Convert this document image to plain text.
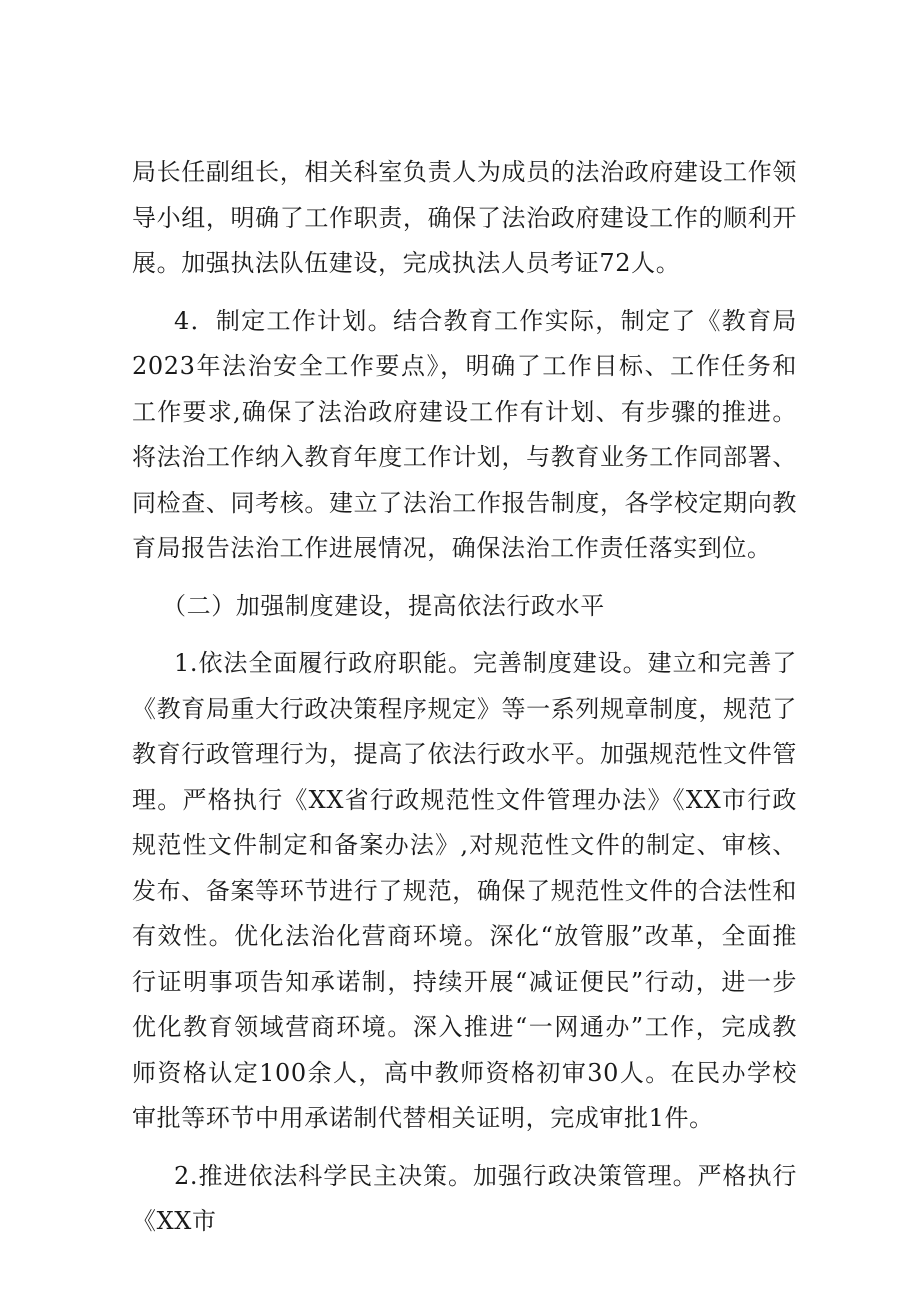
局长任副组长，相关科室负责人为成员的法治政府建设工作领导小组，明确了工作职责，确保了法治政府建设工作的顺利开展。加强执法队伍建设，完成执法人员考证72人。

4．制定工作计划。结合教育工作实际，制定了《教育局2023年法治安全工作要点》，明确了工作目标、工作任务和工作要求,确保了法治政府建设工作有计划、有步骤的推进。将法治工作纳入教育年度工作计划，与教育业务工作同部署、同检查、同考核。建立了法治工作报告制度，各学校定期向教育局报告法治工作进展情况，确保法治工作责任落实到位。

（二）加强制度建设，提高依法行政水平

1.依法全面履行政府职能。完善制度建设。建立和完善了《教育局重大行政决策程序规定》等一系列规章制度，规范了教育行政管理行为，提高了依法行政水平。加强规范性文件管理。严格执行《XX省行政规范性文件管理办法》《XX市行政规范性文件制定和备案办法》,对规范性文件的制定、审核、发布、备案等环节进行了规范，确保了规范性文件的合法性和有效性。优化法治化营商环境。深化“放管服”改革，全面推行证明事项告知承诺制，持续开展“减证便民”行动，进一步优化教育领域营商环境。深入推进“一网通办”工作，完成教师资格认定100余人，高中教师资格初审30人。在民办学校审批等环节中用承诺制代替相关证明，完成审批1件。

2.推进依法科学民主决策。加强行政决策管理。严格执行《XX市
